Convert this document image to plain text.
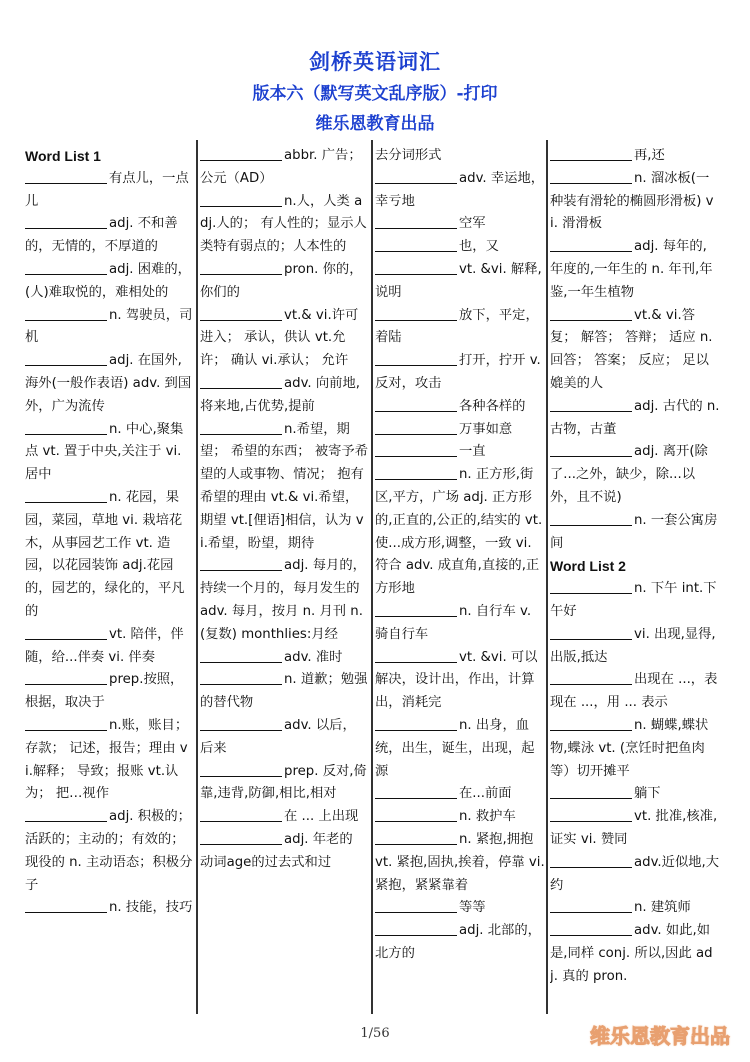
剑桥英语词汇
版本六（默写英文乱序版）-打印
维乐恩教育出品
Word List 1
有点儿，一点儿
adj. 不和善的，无情的，不厚道的
adj. 困难的，(人)难取悦的，难相处的
n. 驾驶员，司机
adj. 在国外,海外(一般作表语) adv. 到国外，广为流传
n. 中心,聚集点 vt. 置于中央,关注于 vi. 居中
n. 花园，果园，菜园，草地 vi. 栽培花木，从事园艺工作 vt. 造园，以花园装饰 adj.花园的，园艺的，绿化的，平凡的
vt. 陪伴，伴随，给...伴奏 vi. 伴奏
prep.按照，根据，取决于
n.账，账目； 存款； 记述，报告；理由 vi.解释； 导致；报账 vt.认为； 把…视作
adj. 积极的；活跃的；主动的；有效的；现役的 n. 主动语态；积极分子
n. 技能，技巧
abbr. 广告；公元（AD）
n.人，人类 adj.人的； 有人性的；显示人类特有弱点的；人本性的
pron. 你的，你们的
vt.& vi.许可进入； 承认，供认 vt.允许； 确认 vi.承认； 允许
adv. 向前地,将来地,占优势,提前
n.希望，期望； 希望的东西； 被寄予希望的人或事物、情况； 抱有希望的理由 vt.& vi.希望，期望 vt.[俚语]相信，认为 vi.希望，盼望，期待
adj. 每月的，持续一个月的，每月发生的 adv. 每月，按月 n. 月刊 n.(复数) monthlies:月经
adv. 准时
n. 道歉；勉强的替代物
adv. 以后，后来
prep. 反对,倚靠,违背,防御,相比,相对
在 ... 上出现
adj. 年老的 动词age的过去式和过
去分词形式
adv. 幸运地，幸亏地
空军
也，又
vt. &vi. 解释,说明
放下，平定，着陆
打开，拧开 v. 反对，攻击
各种各样的
万事如意
一直
n. 正方形,街区,平方，广场 adj. 正方形的,正直的,公正的,结实的 vt. 使...成方形,调整，一致 vi. 符合 adv. 成直角,直接的,正方形地
n. 自行车 v. 骑自行车
vt. &vi. 可以解决，设计出，作出，计算出，消耗完
n. 出身，血统，出生，诞生，出现，起源
在...前面
n. 救护车
n. 紧抱,拥抱 vt. 紧抱,固执,挨着，停靠 vi. 紧抱，紧紧靠着
等等
adj. 北部的，北方的
再,还
n. 溜冰板(一种装有滑轮的椭圆形滑板) vi. 滑滑板
adj. 每年的,年度的,一年生的 n. 年刊,年鉴,一年生植物
vt.& vi.答复； 解答； 答辩； 适应 n.回答； 答案； 反应； 足以媲美的人
adj. 古代的 n. 古物，古董
adj. 离开(除了...之外，缺少，除...以外，且不说)
n. 一套公寓房间
Word List 2
n. 下午 int.下午好
vi. 出现,显得,出版,抵达
出现在 ...，表现在 ...，用 ... 表示
n. 蝴蝶,蝶状物,蝶泳 vt. (烹饪时把鱼肉等）切开摊平
躺下
vt. 批准,核准,证实 vi. 赞同
adv.近似地,大约
n. 建筑师
adv. 如此,如是,同样 conj. 所以,因此 adj. 真的 pron.
1/56	维乐恩教育出品
